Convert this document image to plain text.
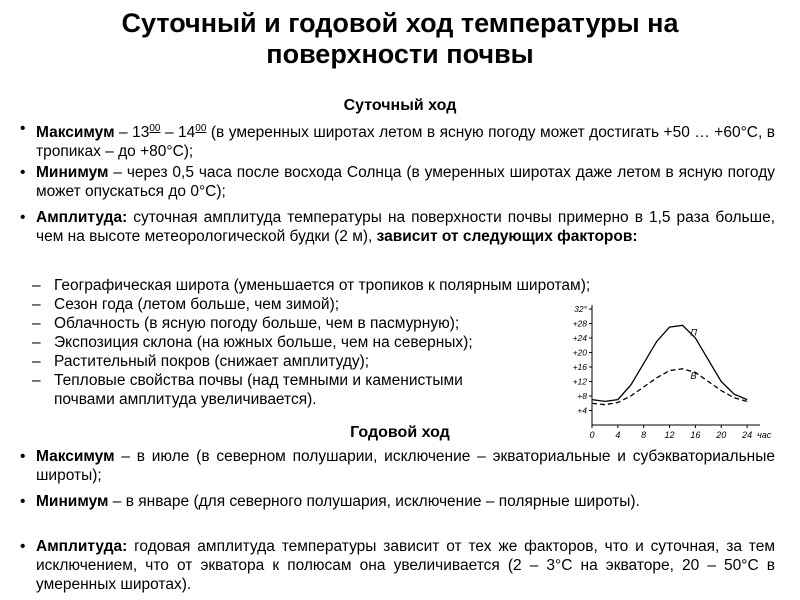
Суточный и годовой ход температуры на
поверхности почвы
Суточный ход
• Максимум – $13^{00} - 14^{00}$ (в умеренных широтах летом в ясную погоду может достигать +50 … +60°С, в тропиках – до +80°С);
• Минимум – через 0,5 часа после восхода Солнца (в умеренных широтах даже летом в ясную погоду может опускаться до 0°С);
• Амплитуда: суточная амплитуда температуры на поверхности почвы примерно в 1,5 раза больше, чем на высоте метеорологической будки (2 м), зависит от следующих факторов:
– Географическая широта (уменьшается от тропиков к полярным широтам);
– Сезон года (летом больше, чем зимой);
– Облачность (в ясную погоду больше, чем в пасмурную);
– Экспозиция склона (на южных больше, чем на северных);
– Растительный покров (снижает амплитуду);
– Тепловые свойства почвы (над темными и каменистыми
почвами амплитуда увеличивается).
+4
+8
+12
+16
+20
+24
+28
32°
0 4 8 12 16 20 24 час
П
В
Годовой ход
• Максимум – в июле (в северном полушарии, исключение – экваториальные и субэкваториальные широты);
• Минимум – в январе (для северного полушария, исключение – полярные широты).
• Амплитуда: годовая амплитуда температуры зависит от тех же факторов, что и суточная, за тем исключением, что от экватора к полюсам она увеличивается (2 – 3°С на экваторе, 20 – 50°С в умеренных широтах).
